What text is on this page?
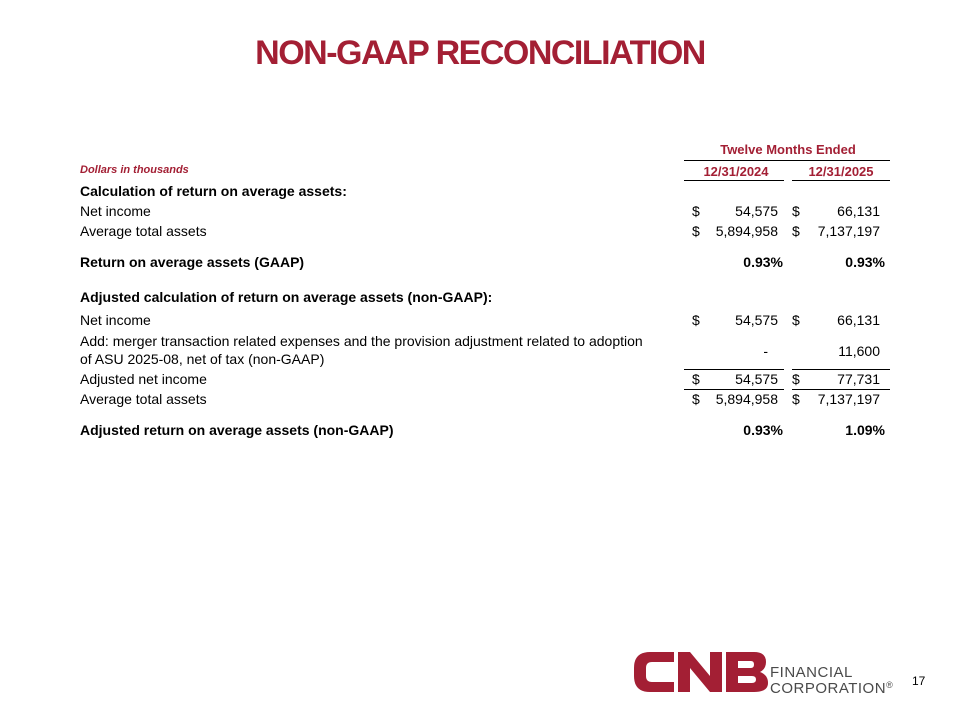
NON-GAAP RECONCILIATION
Twelve Months Ended
12/31/2024	12/31/2025
Dollars in thousands
Calculation of return on average assets:
Net income	$	54,575 $	66,131
Average total assets	$	5,894,958 $	7,137,197
Return on average assets (GAAP)	0.93%	0.93%
Adjusted calculation of return on average assets (non-GAAP):
Net income	$	54,575 $	66,131
Add: merger transaction related expenses and the provision adjustment related to adoption
of ASU 2025-08, net of tax (non-GAAP)	-	11,600
Adjusted net income	$	54,575 $	77,731
Average total assets	$	5,894,958 $	7,137,197
Adjusted return on average assets (non-GAAP)	0.93%	1.09%
FINANCIAL
CORPORATION® 17
